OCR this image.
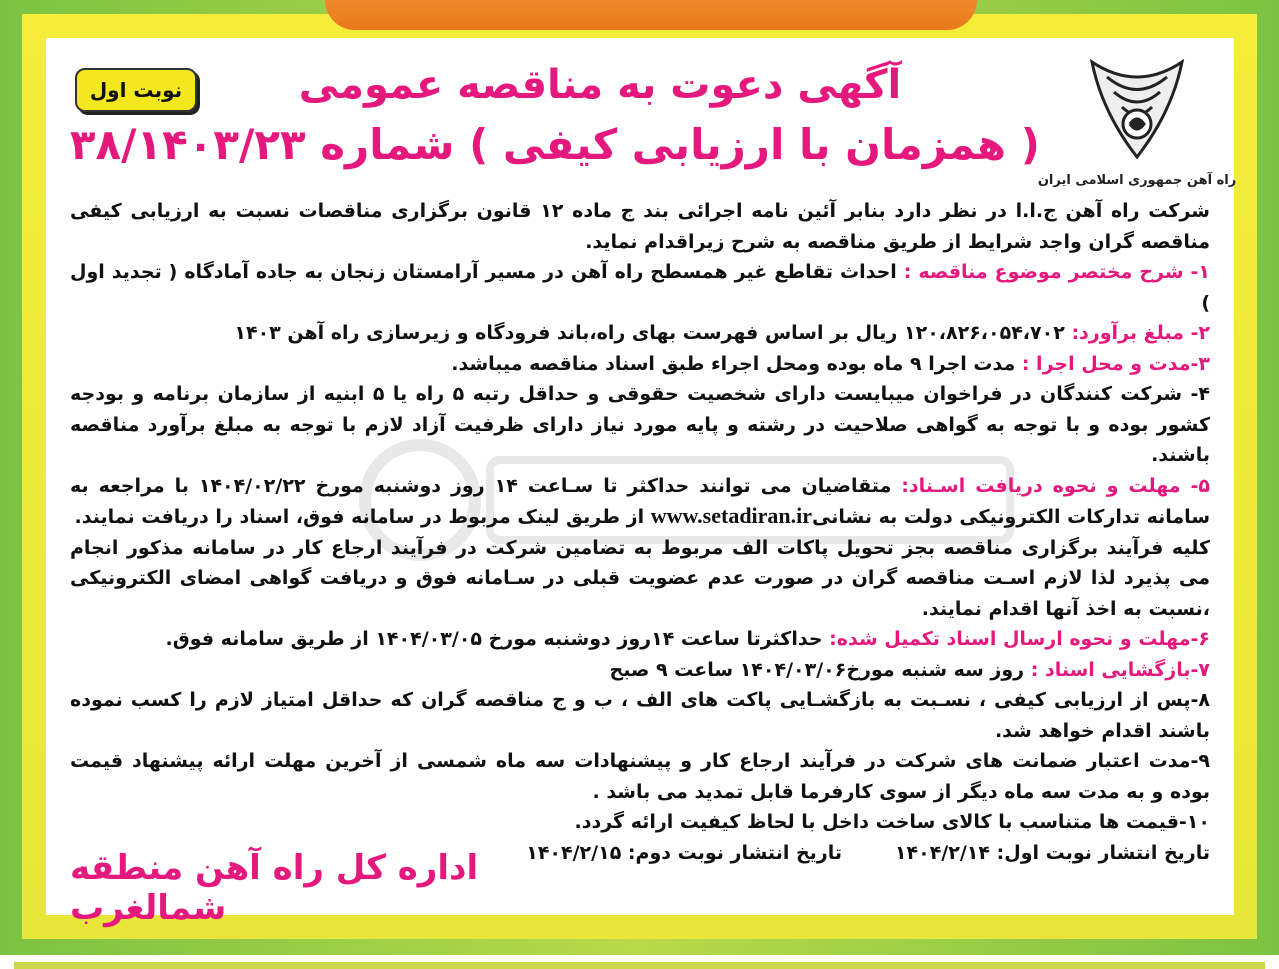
نوبت اول
راه آهن جمهوری اسلامی ایران
آگهی دعوت به مناقصه عمومی
( همزمان با ارزیابی کیفی ) شماره ۳۸/۱۴۰۳/۲۳

شرکت راه آهن ج.ا.ا در نظر دارد بنابر آئین نامه اجرائی بند ج ماده ۱۲ قانون برگزاری مناقصات نسبت به ارزیابی کیفی مناقصه گران واجد شرایط از طریق مناقصه به شرح زیراقدام نماید.

۱- شرح مختصر موضوع مناقصه : احداث تقاطع غیر همسطح راه آهن در مسیر آرامستان زنجان به جاده آمادگاه ( تجدید اول )

۲- مبلغ برآورد: ۱۲۰،۸۲۶،۰۵۴،۷۰۲ ریال بر اساس فهرست بهای راه،باند فرودگاه و زیرسازی راه آهن ۱۴۰۳

۳-مدت و محل اجرا : مدت اجرا ۹ ماه بوده ومحل اجراء طبق اسناد مناقصه میباشد.

۴- شرکت کنندگان در فراخوان میبایست دارای شخصیت حقوقی و حداقل رتبه ۵ راه یا ۵ ابنیه از سازمان برنامه و بودجه کشور بوده و با توجه به گواهی صلاحیت در رشته و پایه مورد نیاز دارای ظرفیت آزاد لازم با توجه به مبلغ برآورد مناقصه باشند.

۵- مهلت و نحوه دریافت اسـناد: متقاضیان می توانند حداکثر تا سـاعت ۱۴ روز دوشنبه مورخ ۱۴۰۴/۰۲/۲۲ با مراجعه به سامانه تدارکات الکترونیکی دولت به نشانیwww.setadiran.ir از طریق لینک مربوط در سامانه فوق، اسناد را دریافت نمایند.

کلیه فرآیند برگزاری مناقصه بجز تحویل پاکات الف مربوط به تضامین شرکت در فرآیند ارجاع کار در سامانه مذکور انجام می پذیرد لذا لازم اسـت مناقصه گران در صورت عدم عضویت قبلی در سـامانه فوق و دریافت گواهی امضای الکترونیکی ،نسبت به اخذ آنها اقدام نمایند.

۶-مهلت و نحوه ارسال اسناد تکمیل شده: حداکثرتا ساعت ۱۴روز دوشنبه مورخ ۱۴۰۴/۰۳/۰۵ از طریق سامانه فوق.

۷-بازگشایی اسناد : روز سه شنبه مورخ۱۴۰۴/۰۳/۰۶ ساعت ۹ صبح

۸-پس از ارزیابی کیفی ، نسـبت به بازگشـایی پاکت های الف ، ب و ج مناقصه گران که حداقل امتیاز لازم را کسب نموده باشند اقدام خواهد شد.

۹-مدت اعتبار ضمانت های شرکت در فرآیند ارجاع کار و پیشنهادات سه ماه شمسی از آخرین مهلت ارائه پیشنهاد قیمت بوده و به مدت سه ماه دیگر از سوی کارفرما قابل تمدید می باشد .

۱۰-قیمت ها متناسب با کالای ساخت داخل با لحاظ کیفیت ارائه گردد.

تاریخ انتشار نوبت اول: ۱۴۰۴/۲/۱۴        تاریخ انتشار نوبت دوم: ۱۴۰۴/۲/۱۵

اداره کل راه آهن منطقه شمالغرب
